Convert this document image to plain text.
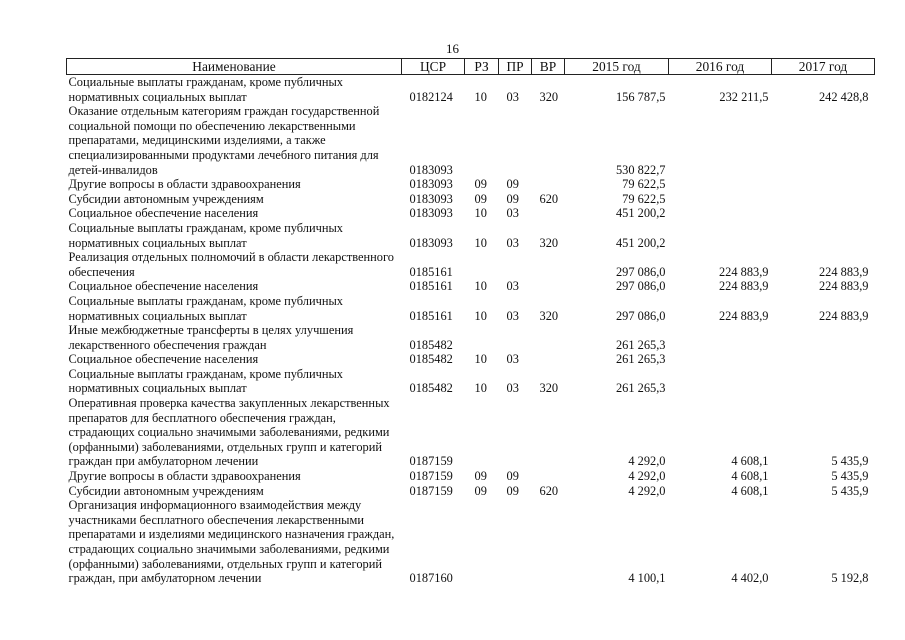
16
Наименование	ЦСР	РЗ	ПР	ВР	2015 год	2016 год	2017 год
Социальные выплаты гражданам, кроме публичных нормативных социальных выплат	0182124	10	03	320	156 787,5	232 211,5	242 428,8
Оказание отдельным категориям граждан государственной социальной помощи по обеспечению лекарственными препаратами, медицинскими изделиями, а также специализированными продуктами лечебного питания для детей-инвалидов	0183093				530 822,7		
Другие вопросы в области здравоохранения	0183093	09	09		79 622,5		
Субсидии автономным учреждениям	0183093	09	09	620	79 622,5		
Социальное обеспечение населения	0183093	10	03		451 200,2		
Социальные выплаты гражданам, кроме публичных нормативных социальных выплат	0183093	10	03	320	451 200,2		
Реализация отдельных полномочий в области лекарственного обеспечения	0185161				297 086,0	224 883,9	224 883,9
Социальное обеспечение населения	0185161	10	03		297 086,0	224 883,9	224 883,9
Социальные выплаты гражданам, кроме публичных нормативных социальных выплат	0185161	10	03	320	297 086,0	224 883,9	224 883,9
Иные межбюджетные трансферты в целях улучшения лекарственного обеспечения граждан	0185482				261 265,3		
Социальное обеспечение населения	0185482	10	03		261 265,3		
Социальные выплаты гражданам, кроме публичных нормативных социальных выплат	0185482	10	03	320	261 265,3		
Оперативная проверка качества закупленных лекарственных препаратов для бесплатного обеспечения граждан, страдающих социально значимыми заболеваниями, редкими (орфанными) заболеваниями, отдельных групп и категорий граждан при амбулаторном лечении	0187159				4 292,0	4 608,1	5 435,9
Другие вопросы в области здравоохранения	0187159	09	09		4 292,0	4 608,1	5 435,9
Субсидии автономным учреждениям	0187159	09	09	620	4 292,0	4 608,1	5 435,9
Организация информационного взаимодействия между участниками бесплатного обеспечения лекарственными препаратами и изделиями медицинского назначения граждан, страдающих социально значимыми заболеваниями, редкими (орфанными) заболеваниями, отдельных групп и категорий граждан, при амбулаторном лечении	0187160				4 100,1	4 402,0	5 192,8
